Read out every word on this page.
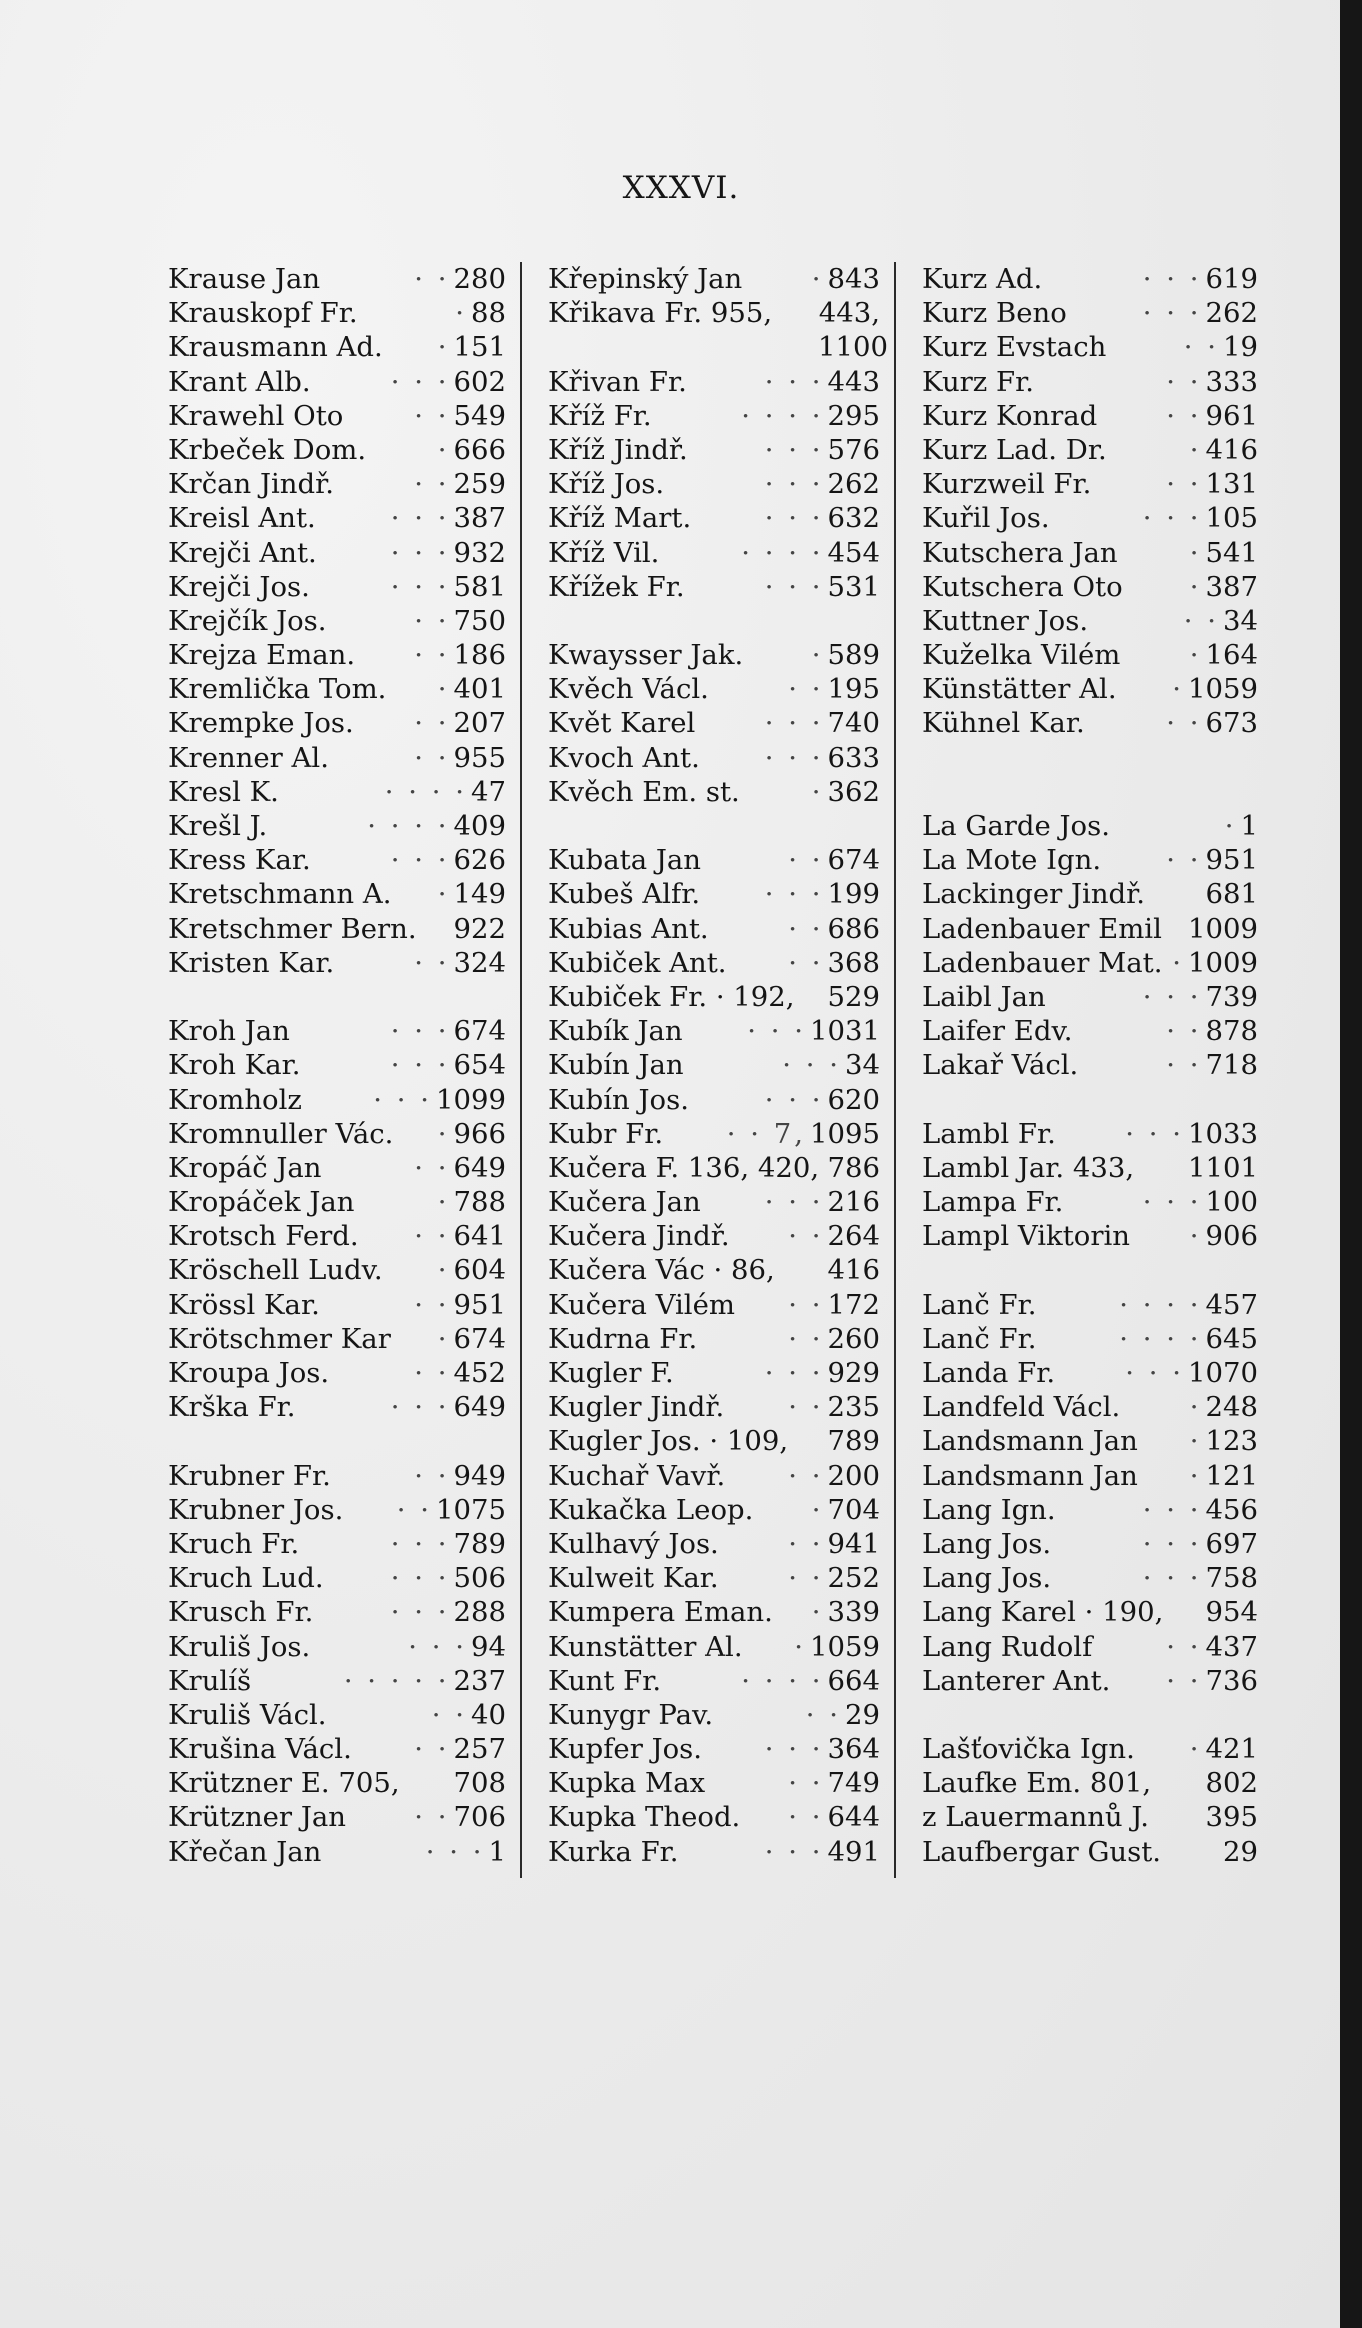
XXXVI.
Krause Jan	· · 280
Krauskopf Fr.	· 88
Krausmann Ad.	· 151
Krant Alb.	· · · 602
Krawehl Oto	· · 549
Krbeček Dom.	· 666
Krčan Jindř.	· · 259
Kreisl Ant.	· · · 387
Krejči Ant.	· · · 932
Krejči Jos.	· · · 581
Krejčík Jos.	· · 750
Krejza Eman.	· · 186
Kremlička Tom.	· 401
Krempke Jos.	· · 207
Krenner Al.	· · 955
Kresl K.	· · · · 47
Krešl J.	· · · · 409
Kress Kar.	· · · 626
Kretschmann A.	· 149
Kretschmer Bern.	922
Kristen Kar.	· · 324
Kroh Jan	· · · 674
Kroh Kar.	· · · 654
Kromholz	· · · 1099
Kromnuller Vác.	· 966
Kropáč Jan	· · 649
Kropáček Jan	· 788
Krotsch Ferd.	· · 641
Kröschell Ludv.	· 604
Krössl Kar.	· · 951
Krötschmer Kar	· 674
Kroupa Jos.	· · 452
Krška Fr.	· · · 649
Krubner Fr.	· · 949
Krubner Jos.	· · 1075
Kruch Fr.	· · · 789
Kruch Lud.	· · · 506
Krusch Fr.	· · · 288
Kruliš Jos.	· · · 94
Krulíš	· · · · · 237
Kruliš Václ.	· · 40
Krušina Václ.	· · 257
Krützner E. 705,	708
Krützner Jan	· · 706
Křečan Jan	· · · 1
Křepinský Jan	· 843
Křikava Fr. 955,	443,
1100
Křivan Fr.	· · · 443
Kříž Fr.	· · · · 295
Kříž Jindř.	· · · 576
Kříž Jos.	· · · 262
Kříž Mart.	· · · 632
Kříž Vil.	· · · · 454
Křížek Fr.	· · · 531
Kwaysser Jak.	· 589
Kvěch Václ.	· · 195
Květ Karel	· · · 740
Kvoch Ant.	· · · 633
Kvěch Em. st.	· 362
Kubata Jan	· · 674
Kubeš Alfr.	· · · 199
Kubias Ant.	· · 686
Kubiček Ant.	· · 368
Kubiček Fr. · 192,	529
Kubík Jan	· · · 1031
Kubín Jan	· · · 34
Kubín Jos.	· · · 620
Kubr Fr.	· · 7, 1095
Kučera F. 136, 420, 786
Kučera Jan	· · · 216
Kučera Jindř.	· · 264
Kučera Vác · 86,	416
Kučera Vilém	· · 172
Kudrna Fr.	· · 260
Kugler F.	· · · 929
Kugler Jindř.	· · 235
Kugler Jos. · 109,	789
Kuchař Vavř.	· · 200
Kukačka Leop.	· 704
Kulhavý Jos.	· · 941
Kulweit Kar.	· · 252
Kumpera Eman.	· 339
Kunstätter Al.	· 1059
Kunt Fr.	· · · · 664
Kunygr Pav.	· · 29
Kupfer Jos.	· · · 364
Kupka Max	· · 749
Kupka Theod.	· · 644
Kurka Fr.	· · · 491
Kurz Ad.	· · · 619
Kurz Beno	· · · 262
Kurz Evstach	· · 19
Kurz Fr.	· · 333
Kurz Konrad	· · 961
Kurz Lad. Dr.	· 416
Kurzweil Fr.	· · 131
Kuřil Jos.	· · · 105
Kutschera Jan	· 541
Kutschera Oto	· 387
Kuttner Jos.	· · 34
Kuželka Vilém	· 164
Künstätter Al.	· 1059
Kühnel Kar.	· · 673
La Garde Jos.	· 1
La Mote Ign.	· · 951
Lackinger Jindř.	681
Ladenbauer Emil 1009
Ladenbauer Mat. · 1009
Laibl Jan	· · · 739
Laifer Edv.	· · 878
Lakař Václ.	· · 718
Lambl Fr.	· · · 1033
Lambl Jar. 433,	1101
Lampa Fr.	· · · 100
Lampl Viktorin	· 906
Lanč Fr.	· · · · 457
Lanč Fr.	· · · · 645
Landa Fr.	· · · 1070
Landfeld Václ.	· 248
Landsmann Jan	· 123
Landsmann Jan	· 121
Lang Ign.	· · · 456
Lang Jos.	· · · 697
Lang Jos.	· · · 758
Lang Karel · 190,	954
Lang Rudolf	· · 437
Lanterer Ant.	· · 736
Lašťovička Ign.	· 421
Laufke Em. 801,	802
z Lauermannů J.	395
Laufbergar Gust.	29
